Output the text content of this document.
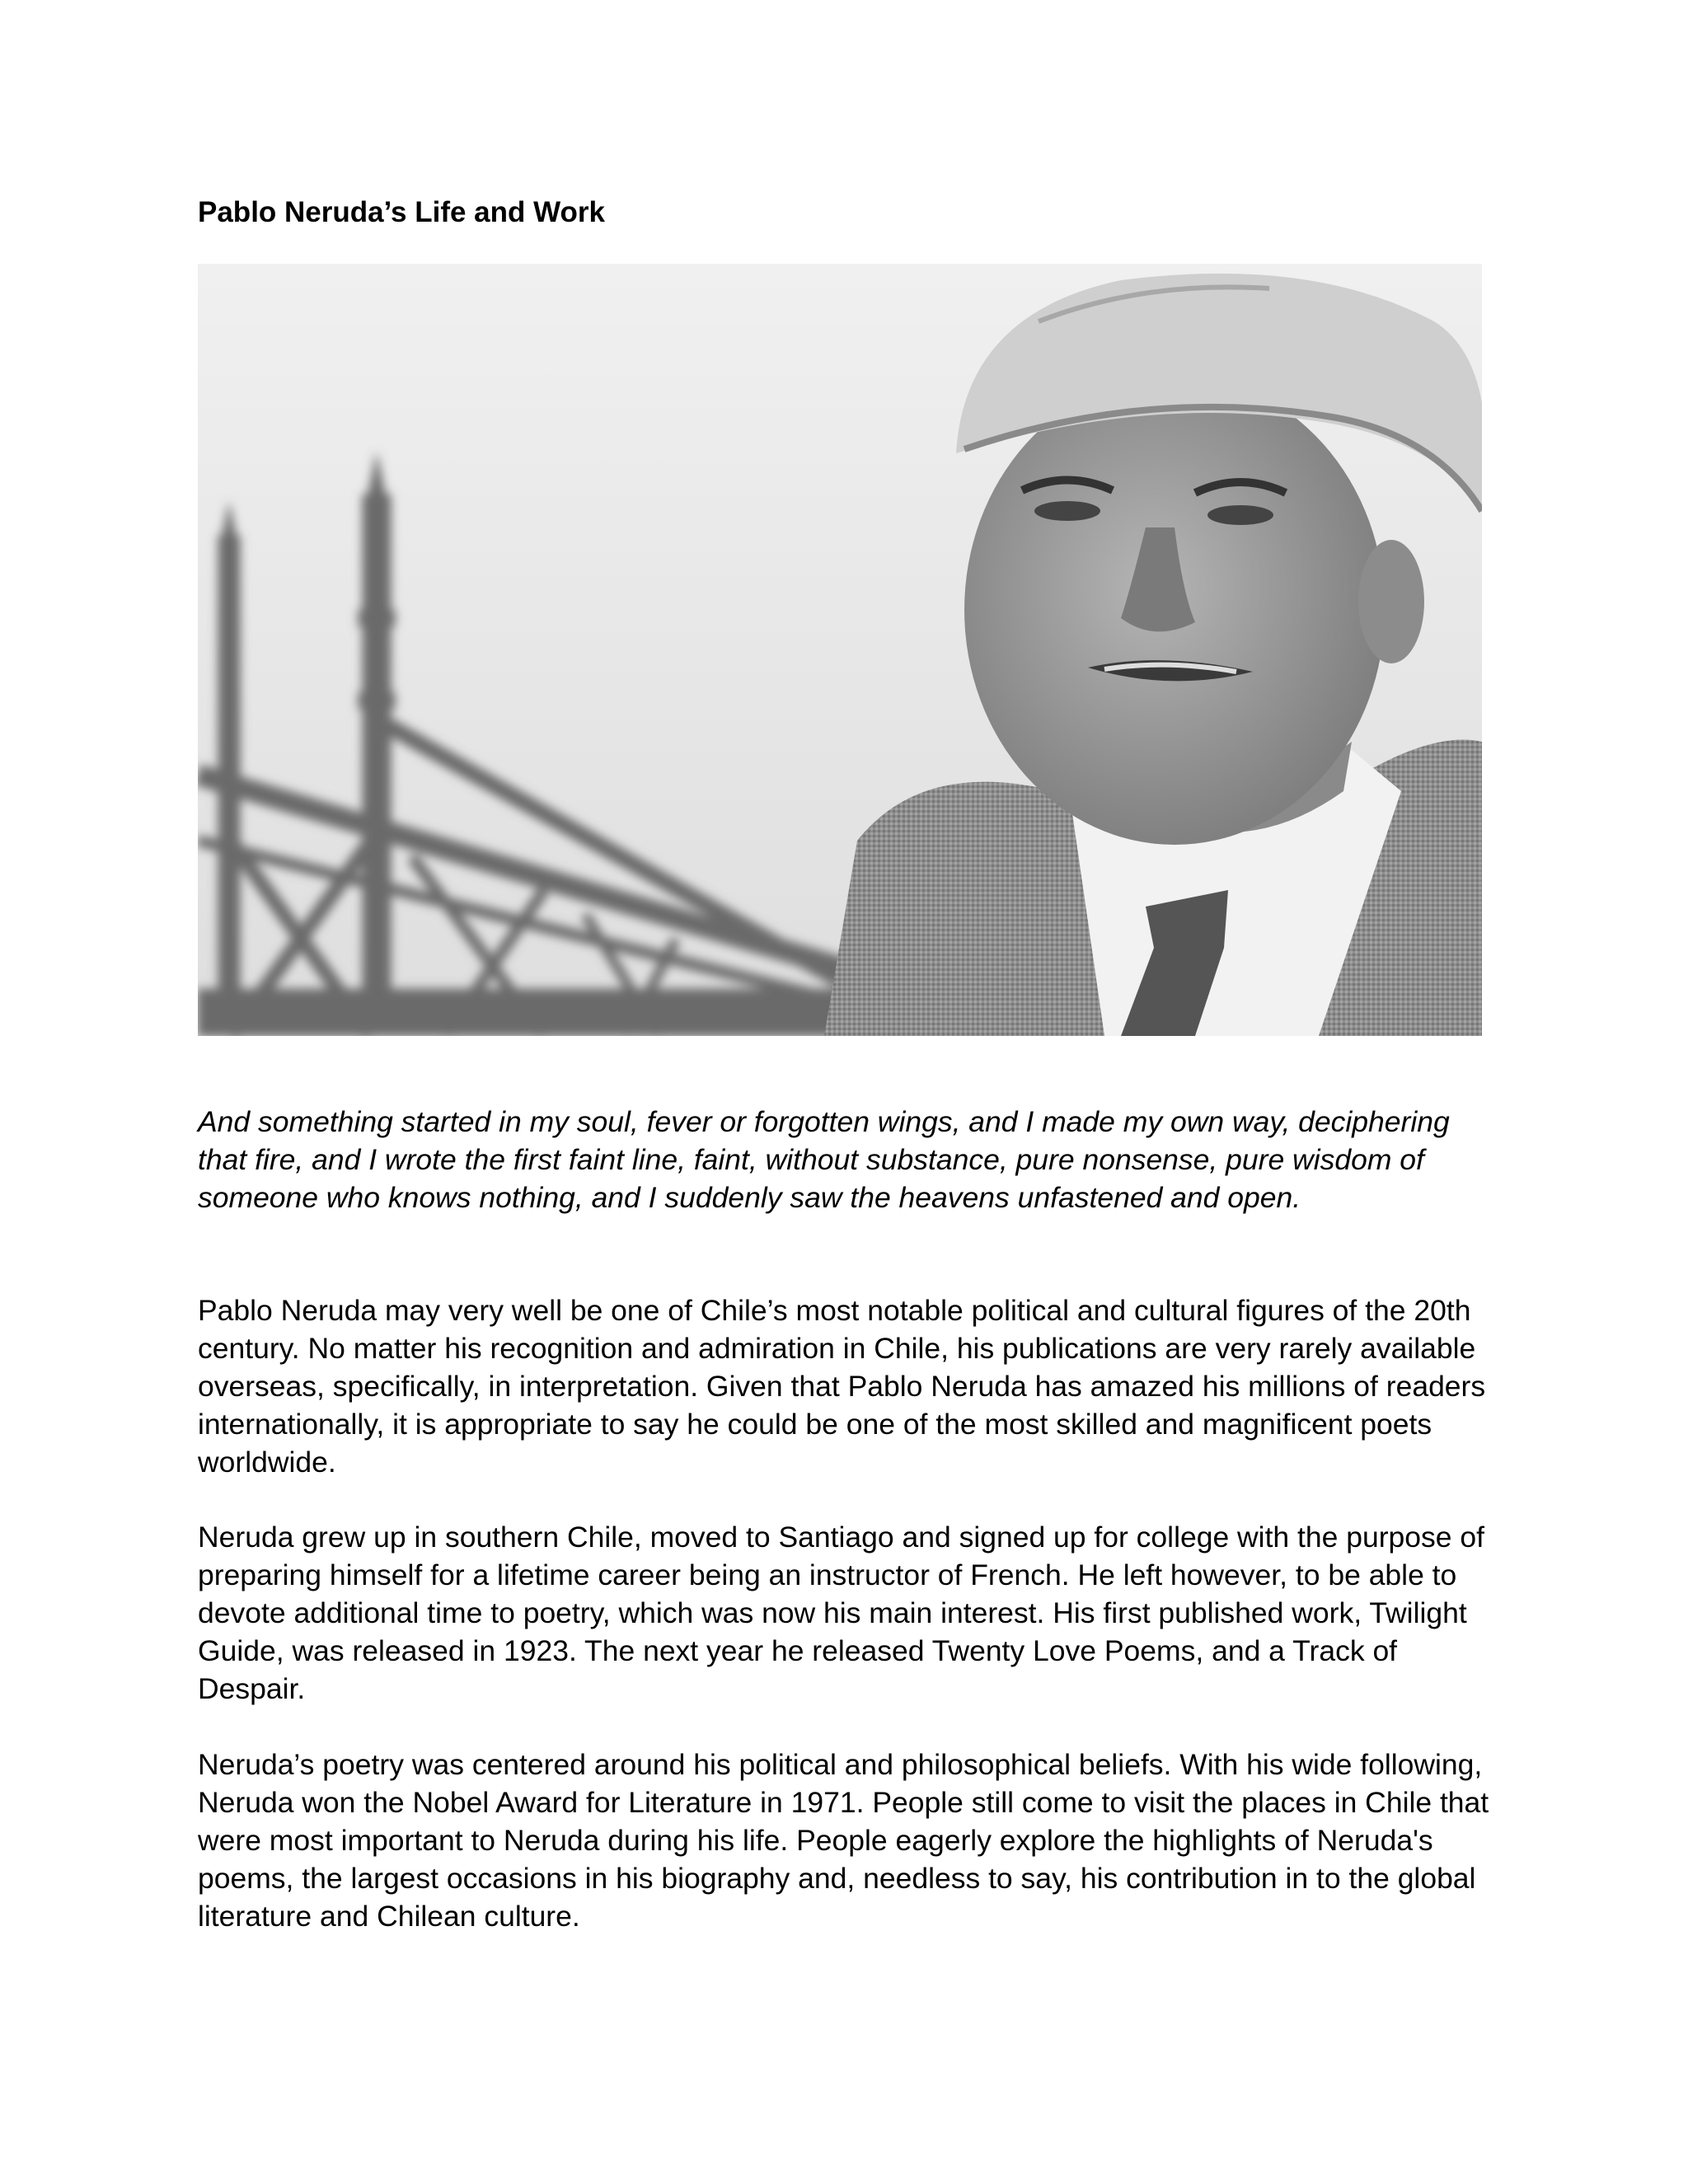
Pablo Neruda’s Life and Work
And something started in my soul, fever or forgotten wings, and I made my own way, deciphering that fire, and I wrote the first faint line, faint, without substance, pure nonsense, pure wisdom of someone who knows nothing, and I suddenly saw the heavens unfastened and open.
Pablo Neruda may very well be one of Chile’s most notable political and cultural figures of the 20th century. No matter his recognition and admiration in Chile, his publications are very rarely available overseas, specifically, in interpretation. Given that Pablo Neruda has amazed his millions of readers internationally, it is appropriate to say he could be one of the most skilled and magnificent poets worldwide.
Neruda grew up in southern Chile, moved to Santiago and signed up for college with the purpose of preparing himself for a lifetime career being an instructor of French. He left however, to be able to devote additional time to poetry, which was now his main interest. His first published work, Twilight Guide, was released in 1923. The next year he released Twenty Love Poems, and a Track of Despair.
Neruda’s poetry was centered around his political and philosophical beliefs. With his wide following, Neruda won the Nobel Award for Literature in 1971. People still come to visit the places in Chile that were most important to Neruda during his life. People eagerly explore the highlights of Neruda's poems, the largest occasions in his biography and, needless to say, his contribution in to the global literature and Chilean culture.
